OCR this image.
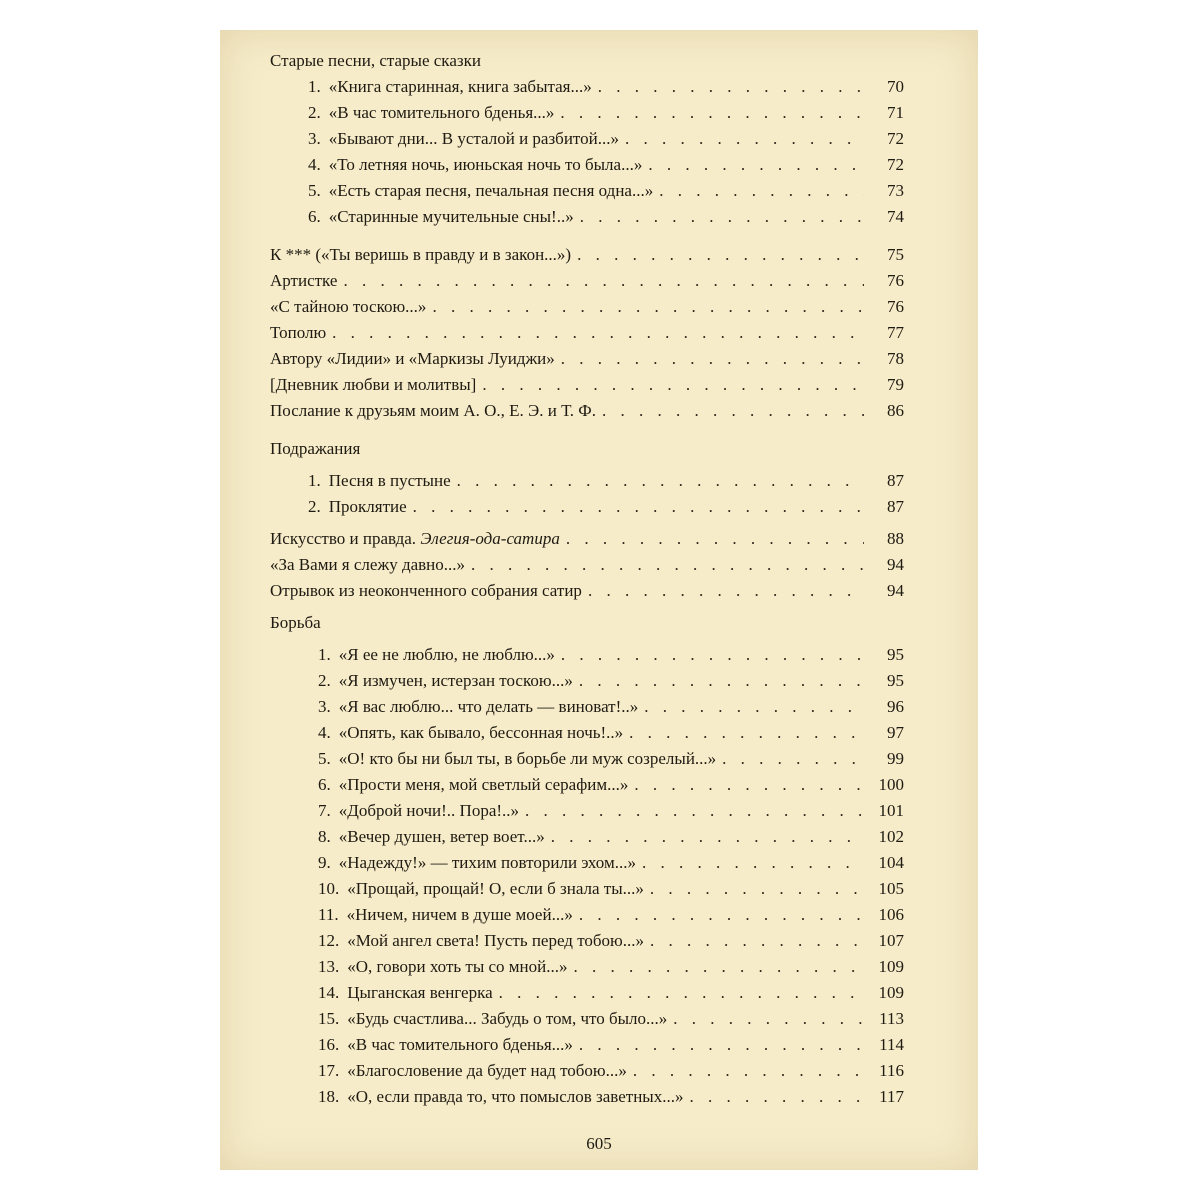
Старые песни, старые сказки
1. «Книга старинная, книга забытая...» . . .	70
2. «В час томительного бденья...» . . .	71
3. «Бывают дни... В усталой и разбитой...» . . .	72
4. «То летняя ночь, июньская ночь то была...» . . .	72
5. «Есть старая песня, печальная песня одна...» . . .	73
6. «Старинные мучительные сны!..» . . .	74
К *** («Ты веришь в правду и в закон...») . . .	75
Артистке . . .	76
«С тайною тоскою...» . . .	76
Тополю . . .	77
Автору «Лидии» и «Маркизы Луиджи» . . .	78
[Дневник любви и молитвы] . . .	79
Послание к друзьям моим А. О., Е. Э. и Т. Ф. . . .	86
Подражания
1. Песня в пустыне . . .	87
2. Проклятие . . .	87
Искусство и правда. Элегия-ода-сатира . . .	88
«За Вами я слежу давно...» . . .	94
Отрывок из неоконченного собрания сатир . . .	94
Борьба
1. «Я ее не люблю, не люблю...» . . .	95
2. «Я измучен, истерзан тоскою...» . . .	95
3. «Я вас люблю... что делать — виноват!..» . . .	96
4. «Опять, как бывало, бессонная ночь!..» . . .	97
5. «О! кто бы ни был ты, в борьбе ли муж созрелый...» . . .	99
6. «Прости меня, мой светлый серафим...» . . .	100
7. «Доброй ночи!.. Пора!..» . . .	101
8. «Вечер душен, ветер воет...» . . .	102
9. «Надежду!» — тихим повторили эхом...» . . .	104
10. «Прощай, прощай! О, если б знала ты...» . . .	105
11. «Ничем, ничем в душе моей...» . . .	106
12. «Мой ангел света! Пусть перед тобою...» . . .	107
13. «О, говори хоть ты со мной...» . . .	109
14. Цыганская венгерка . . .	109
15. «Будь счастлива... Забудь о том, что было...» . . .	113
16. «В час томительного бденья...» . . .	114
17. «Благословение да будет над тобою...» . . .	116
18. «О, если правда то, что помыслов заветных...» . . .	117
605
